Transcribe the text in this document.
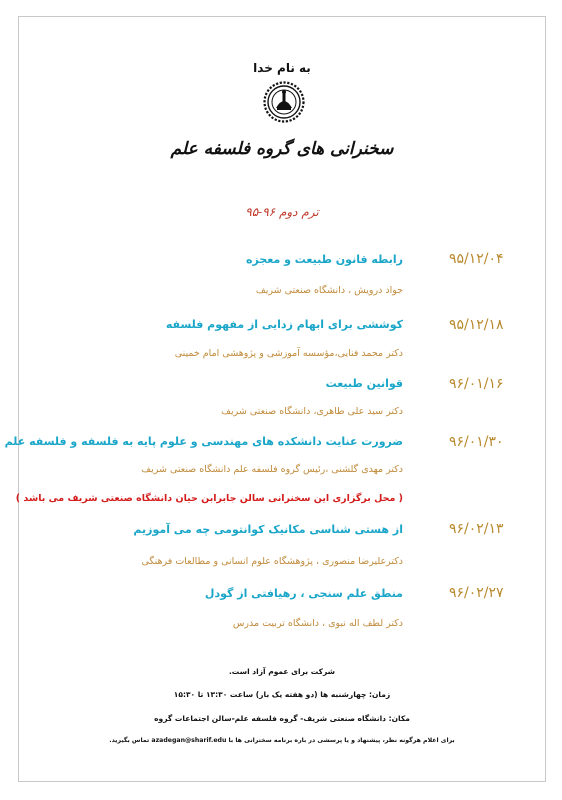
به نام خدا
سخنرانی های گروه فلسفه علم
ترم دوم ۹۶-۹۵
۹۵/۱۲/۰۴
رابطه قانون طبیعت و معجزه
جواد درویش ، دانشگاه صنعتی شریف
۹۵/۱۲/۱۸
کوششی برای ابهام زدایی از مفهوم فلسفه
دکتر محمد فنایی،مؤسسه آموزشی و پژوهشی امام خمینی
۹۶/۰۱/۱۶
قوانین طبیعت
دکتر سید علی طاهری، دانشگاه صنعتی شریف
۹۶/۰۱/۳۰
ضرورت عنایت دانشکده های مهندسی و علوم پایه به فلسفه و فلسفه علم
دکتر مهدی گلشنی ،رئیس گروه فلسفه علم دانشگاه صنعتی شریف
( محل برگزاری این سخنرانی سالن جابرابن حیان دانشگاه صنعتی شریف می باشد )
۹۶/۰۲/۱۳
از هستی شناسی مکانیک کوانتومی چه می آموزیم
دکترعلیرضا منصوری ، پژوهشگاه علوم انسانی و مطالعات فرهنگی
۹۶/۰۲/۲۷
منطق علم سنجی ، رهیافتی از گودل
دکتر لطف اله نبوی ، دانشگاه تربیت مدرس
شرکت برای عموم آزاد است.
زمان: چهارشنبه ها (دو هفته یک بار) ساعت ۱۳:۳۰ تا ۱۵:۳۰
مکان: دانشگاه صنعتی شریف- گروه فلسفه علم-سالن اجتماعات گروه
برای اعلام هرگونه نظر، پیشنهاد و یا پرسشی در باره برنامه سخنرانی ها با azadegan@sharif.edu تماس بگیرید.
